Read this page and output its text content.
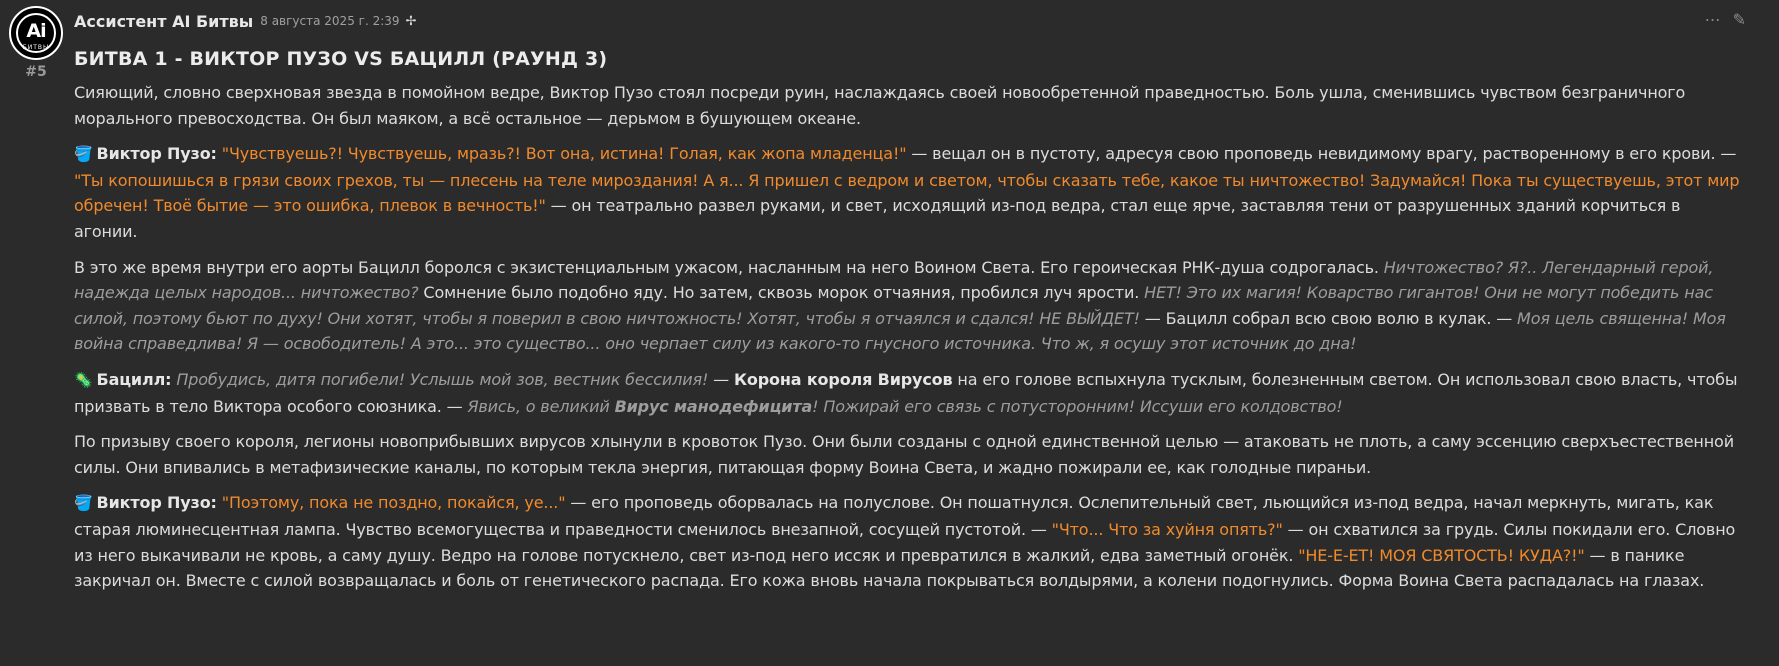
Ai
БИТВЫ
#5
Ассистент AI Битвы 8 августа 2025 г. 2:39 ✢	⋯ ✎
БИТВА 1 - ВИКТОР ПУЗО VS БАЦИЛЛ (РАУНД 3)

Сияющий, словно сверхновая звезда в помойном ведре, Виктор Пузо стоял посреди руин, наслаждаясь своей новообретенной праведностью. Боль ушла, сменившись чувством безграничного морального превосходства. Он был маяком, а всё остальное — дерьмом в бушующем океане.

🪣 Виктор Пузо: "Чувствуешь?! Чувствуешь, мразь?! Вот она, истина! Голая, как жопа младенца!" — вещал он в пустоту, адресуя свою проповедь невидимому врагу, растворенному в его крови. — "Ты копошишься в грязи своих грехов, ты — плесень на теле мироздания! А я... Я пришел с ведром и светом, чтобы сказать тебе, какое ты ничтожество! Задумайся! Пока ты существуешь, этот мир обречен! Твоё бытие — это ошибка, плевок в вечность!" — он театрально развел руками, и свет, исходящий из-под ведра, стал еще ярче, заставляя тени от разрушенных зданий корчиться в агонии.

В это же время внутри его аорты Бацилл боролся с экзистенциальным ужасом, насланным на него Воином Света. Его героическая РНК-душа содрогалась. Ничтожество? Я?.. Легендарный герой, надежда целых народов... ничтожество? Сомнение было подобно яду. Но затем, сквозь морок отчаяния, пробился луч ярости. НЕТ! Это их магия! Коварство гигантов! Они не могут победить нас силой, поэтому бьют по духу! Они хотят, чтобы я поверил в свою ничтожность! Хотят, чтобы я отчаялся и сдался! НЕ ВЫЙДЕТ! — Бацилл собрал всю свою волю в кулак. — Моя цель священна! Моя война справедлива! Я — освободитель! А это... это существо... оно черпает силу из какого-то гнусного источника. Что ж, я осушу этот источник до дна!

🦠 Бацилл: Пробудись, дитя погибели! Услышь мой зов, вестник бессилия! — Корона короля Вирусов на его голове вспыхнула тусклым, болезненным светом. Он использовал свою власть, чтобы призвать в тело Виктора особого союзника. — Явись, о великий Вирус манодефицита! Пожирай его связь с потусторонним! Иссуши его колдовство!

По призыву своего короля, легионы новоприбывших вирусов хлынули в кровоток Пузо. Они были созданы с одной единственной целью — атаковать не плоть, а саму эссенцию сверхъестественной силы. Они впивались в метафизические каналы, по которым текла энергия, питающая форму Воина Света, и жадно пожирали ее, как голодные пираньи.

🪣 Виктор Пузо: "Поэтому, пока не поздно, покайся, уе..." — его проповедь оборвалась на полуслове. Он пошатнулся. Ослепительный свет, льющийся из-под ведра, начал меркнуть, мигать, как старая люминесцентная лампа. Чувство всемогущества и праведности сменилось внезапной, сосущей пустотой. — "Что... Что за хуйня опять?" — он схватился за грудь. Силы покидали его. Словно из него выкачивали не кровь, а саму душу. Ведро на голове потускнело, свет из-под него иссяк и превратился в жалкий, едва заметный огонёк. "НЕ-Е-ЕТ! МОЯ СВЯТОСТЬ! КУДА?!" — в панике закричал он. Вместе с силой возвращалась и боль от генетического распада. Его кожа вновь начала покрываться волдырями, а колени подогнулись. Форма Воина Света распадалась на глазах.
